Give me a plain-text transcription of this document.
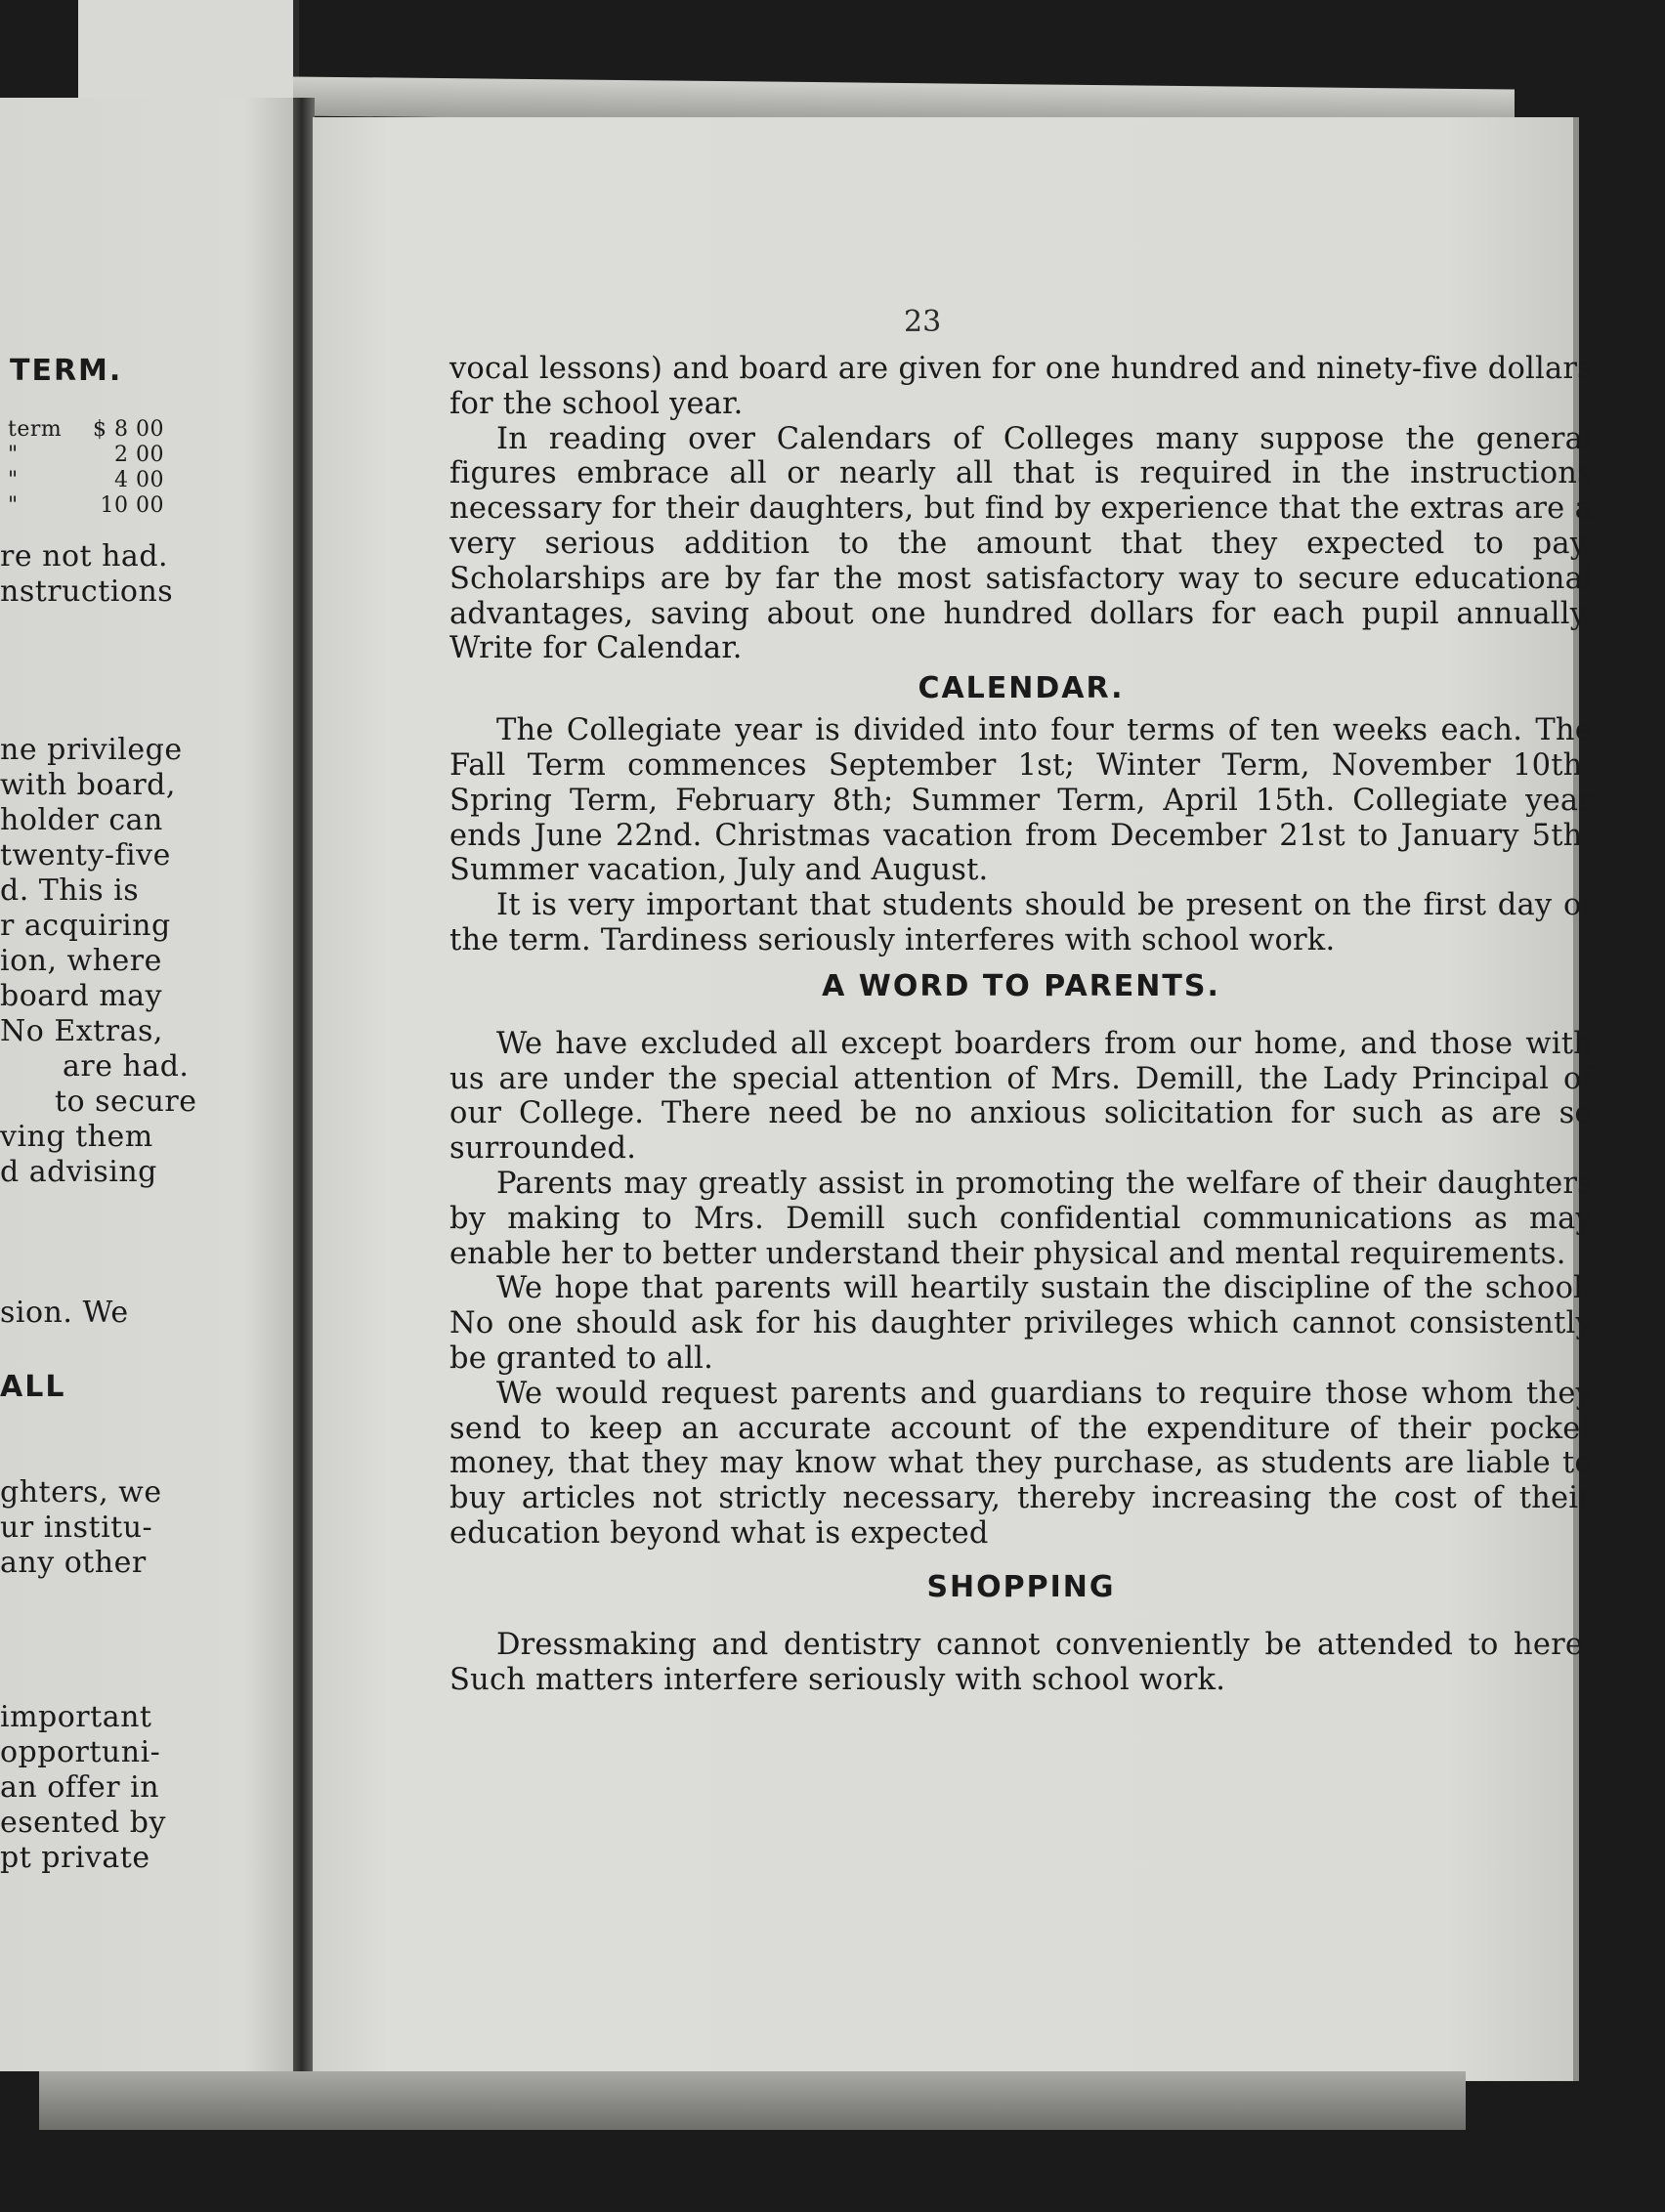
TERM.
term $ 8 00
"	2 00
"	4 00
"	10 00
re not had.
nstructions
ne privilege
with board,
holder can
twenty-five
d. This is
r acquiring
ion, where
board may
No Extras,
are had.
to secure
ving them
d advising
sion. We
ALL
ghters, we
ur institu-
any other
important
opportuni-
an offer in
esented by
pt private
23

vocal lessons) and board are given for one hundred and ninety-five dollars for the school year.

In reading over Calendars of Colleges many suppose the general figures embrace all or nearly all that is required in the instructions necessary for their daughters, but find by experience that the extras are a very serious addition to the amount that they expected to pay. Scholarships are by far the most satisfactory way to secure educational advantages, saving about one hundred dollars for each pupil annually. Write for Calendar.

CALENDAR.

The Collegiate year is divided into four terms of ten weeks each. The Fall Term commences September 1st; Winter Term, November 10th; Spring Term, February 8th; Summer Term, April 15th. Collegiate year ends June 22nd. Christmas vacation from December 21st to January 5th; Summer vacation, July and August.

It is very important that students should be present on the first day of the term. Tardiness seriously interferes with school work.

A WORD TO PARENTS.

We have excluded all except boarders from our home, and those with us are under the special attention of Mrs. Demill, the Lady Principal of our College. There need be no anxious solicitation for such as are so surrounded.

Parents may greatly assist in promoting the welfare of their daughters by making to Mrs. Demill such confidential communications as may enable her to better understand their physical and mental requirements.

We hope that parents will heartily sustain the discipline of the school. No one should ask for his daughter privileges which cannot consistently be granted to all.

We would request parents and guardians to require those whom they send to keep an accurate account of the expenditure of their pocket money, that they may know what they purchase, as students are liable to buy articles not strictly necessary, thereby increasing the cost of their education beyond what is expected

SHOPPING

Dressmaking and dentistry cannot conveniently be attended to here. Such matters interfere seriously with school work.
